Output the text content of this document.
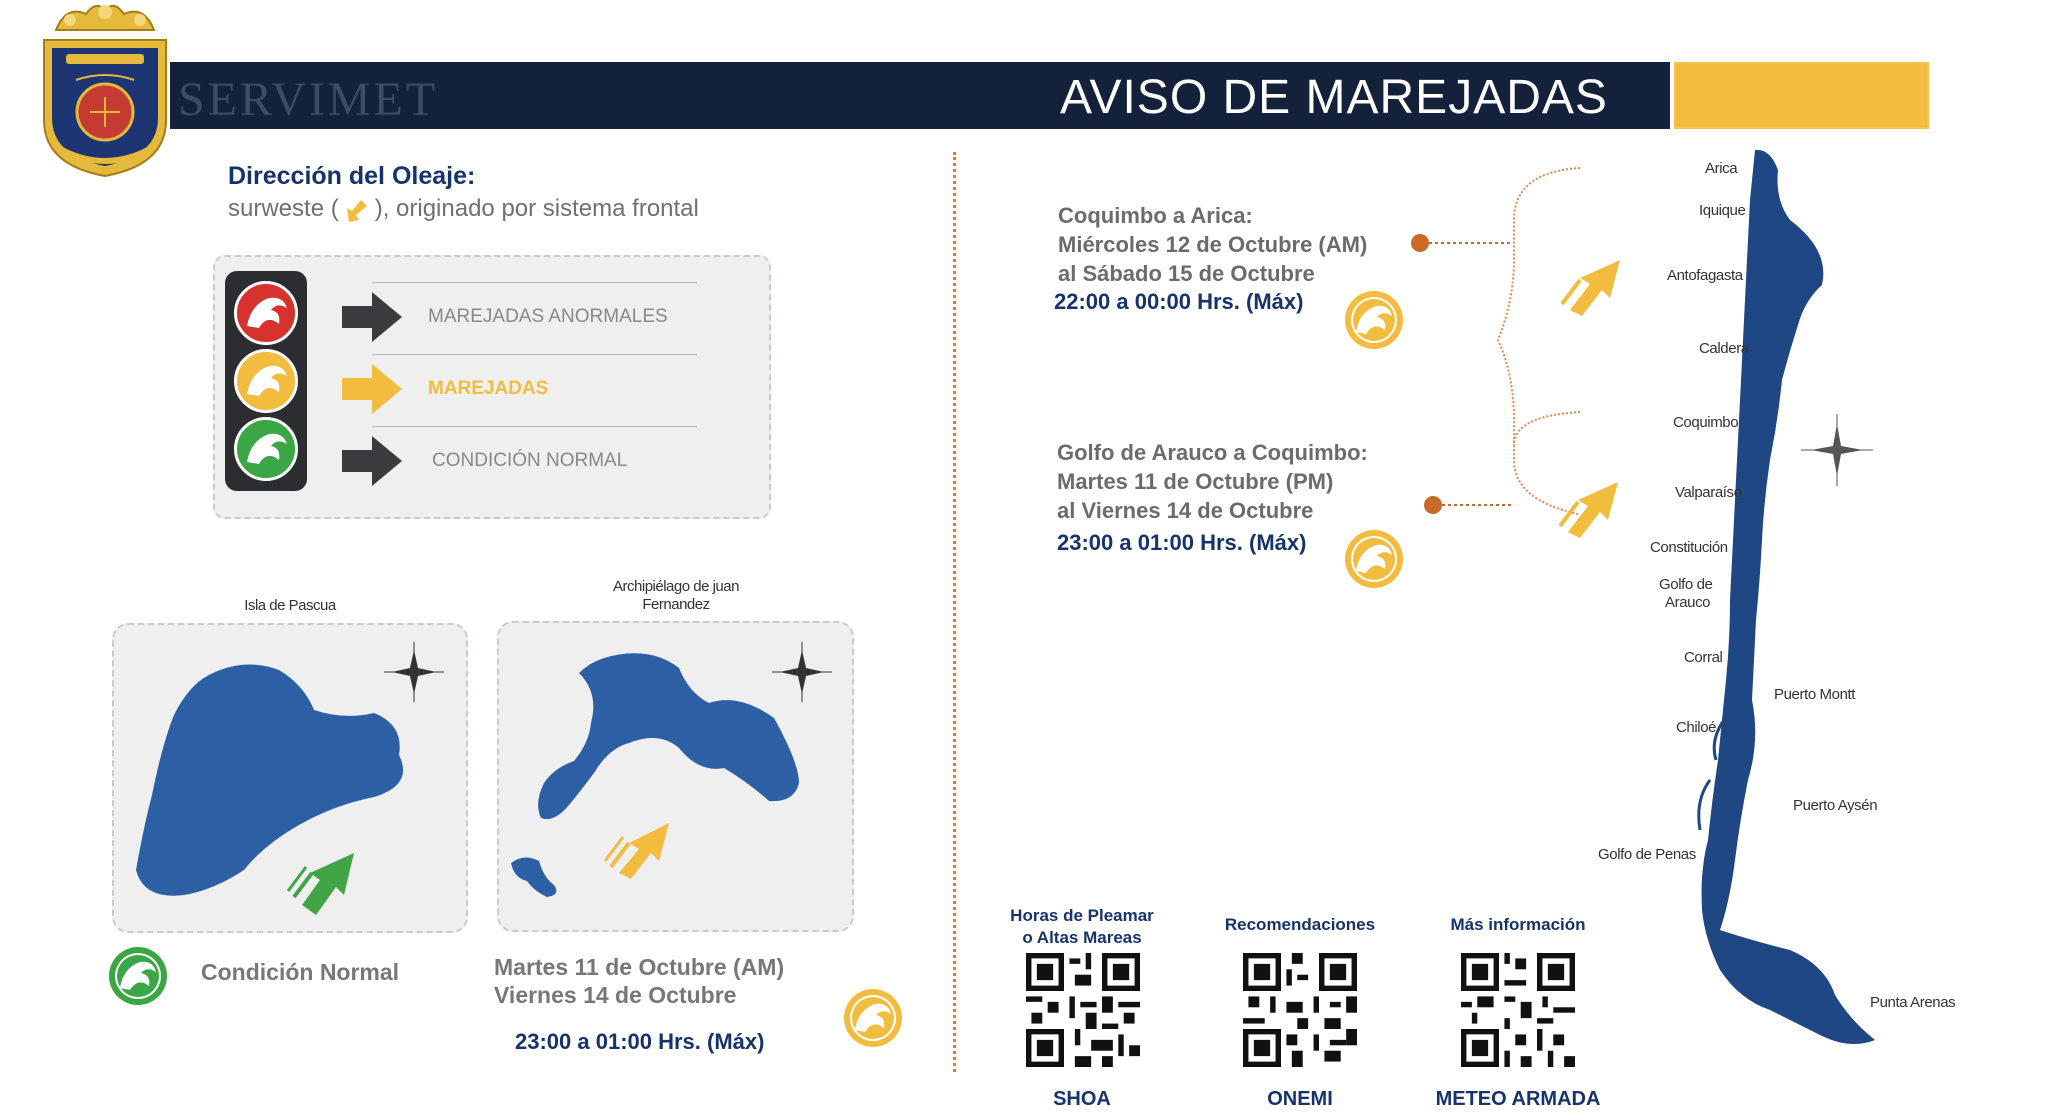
SERVIMET	AVISO DE MAREJADAS
Dirección del Oleaje:
surweste ( ), originado por sistema frontal
MAREJADAS ANORMALES
MAREJADAS
CONDICIÓN NORMAL
Isla de Pascua
Condición Normal
Archipiélago de juan
Fernandez
Martes 11 de Octubre (AM)
Viernes 14 de Octubre
23:00 a 01:00 Hrs. (Máx)
Coquimbo a Arica:
Miércoles 12 de Octubre (AM)
al Sábado 15 de Octubre
22:00 a 00:00 Hrs. (Máx)
Golfo de Arauco a Coquimbo:
Martes 11 de Octubre (PM)
al Viernes 14 de Octubre
23:00 a 01:00 Hrs. (Máx)
Arica
Iquique
Antofagasta
Caldera
Coquimbo
Valparaíso
Constitución
Golfo de
Arauco
Corral
Puerto Montt
Chiloé
Puerto Aysén
Golfo de Penas
Punta Arenas
Horas de Pleamar
o Altas Mareas
Recomendaciones	Más información
SHOA	ONEMI	METEO ARMADA
